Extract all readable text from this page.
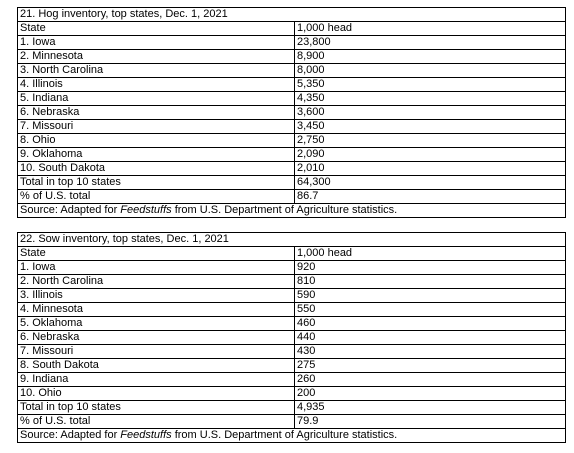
21. Hog inventory, top states, Dec. 1, 2021	
State	1,000 head
1. Iowa	23,800
2. Minnesota	8,900
3. North Carolina	8,000
4. Illinois	5,350
5. Indiana	4,350
6. Nebraska	3,600
7. Missouri	3,450
8. Ohio	2,750
9. Oklahoma	2,090
10. South Dakota	2,010
Total in top 10 states	64,300
% of U.S. total	86.7
Source: Adapted for Feedstuffs from U.S. Department of Agriculture statistics.	
22. Sow inventory, top states, Dec. 1, 2021	
State	1,000 head
1. Iowa	920
2. North Carolina	810
3. Illinois	590
4. Minnesota	550
5. Oklahoma	460
6. Nebraska	440
7. Missouri	430
8. South Dakota	275
9. Indiana	260
10. Ohio	200
Total in top 10 states	4,935
% of U.S. total	79.9
Source: Adapted for Feedstuffs from U.S. Department of Agriculture statistics.	
